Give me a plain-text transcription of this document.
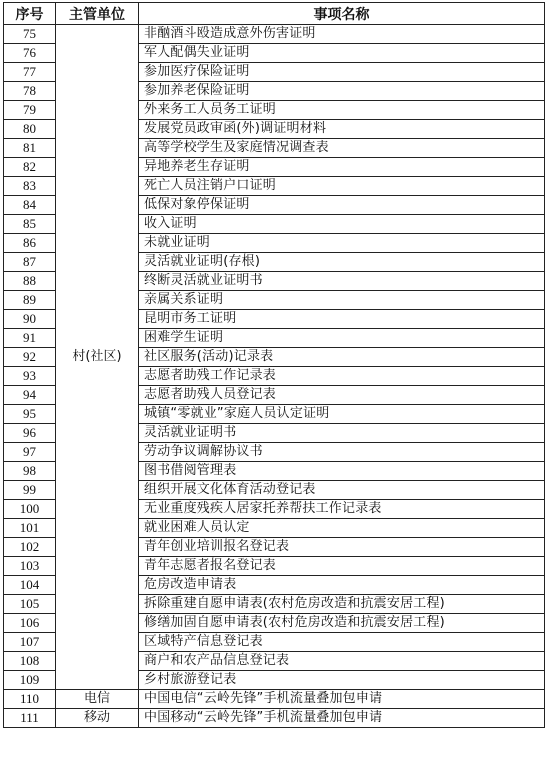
序号	主管单位	事项名称
75	村(社区)	非酗酒斗殴造成意外伤害证明
76		军人配偶失业证明
77		参加医疗保险证明
78		参加养老保险证明
79		外来务工人员务工证明
80		发展党员政审函(外)调证明材料
81		高等学校学生及家庭情况调查表
82		异地养老生存证明
83		死亡人员注销户口证明
84		低保对象停保证明
85		收入证明
86		未就业证明
87		灵活就业证明(存根)
88		终断灵活就业证明书
89		亲属关系证明
90		昆明市务工证明
91		困难学生证明
92		社区服务(活动)记录表
93		志愿者助残工作记录表
94		志愿者助残人员登记表
95		城镇“零就业”家庭人员认定证明
96		灵活就业证明书
97		劳动争议调解协议书
98		图书借阅管理表
99		组织开展文化体育活动登记表
100		无业重度残疾人居家托养帮扶工作记录表
101		就业困难人员认定
102		青年创业培训报名登记表
103		青年志愿者报名登记表
104		危房改造申请表
105		拆除重建自愿申请表(农村危房改造和抗震安居工程)
106		修缮加固自愿申请表(农村危房改造和抗震安居工程)
107		区域特产信息登记表
108		商户和农产品信息登记表
109		乡村旅游登记表
110	电信	中国电信“云岭先锋”手机流量叠加包申请
111	移动	中国移动“云岭先锋”手机流量叠加包申请
